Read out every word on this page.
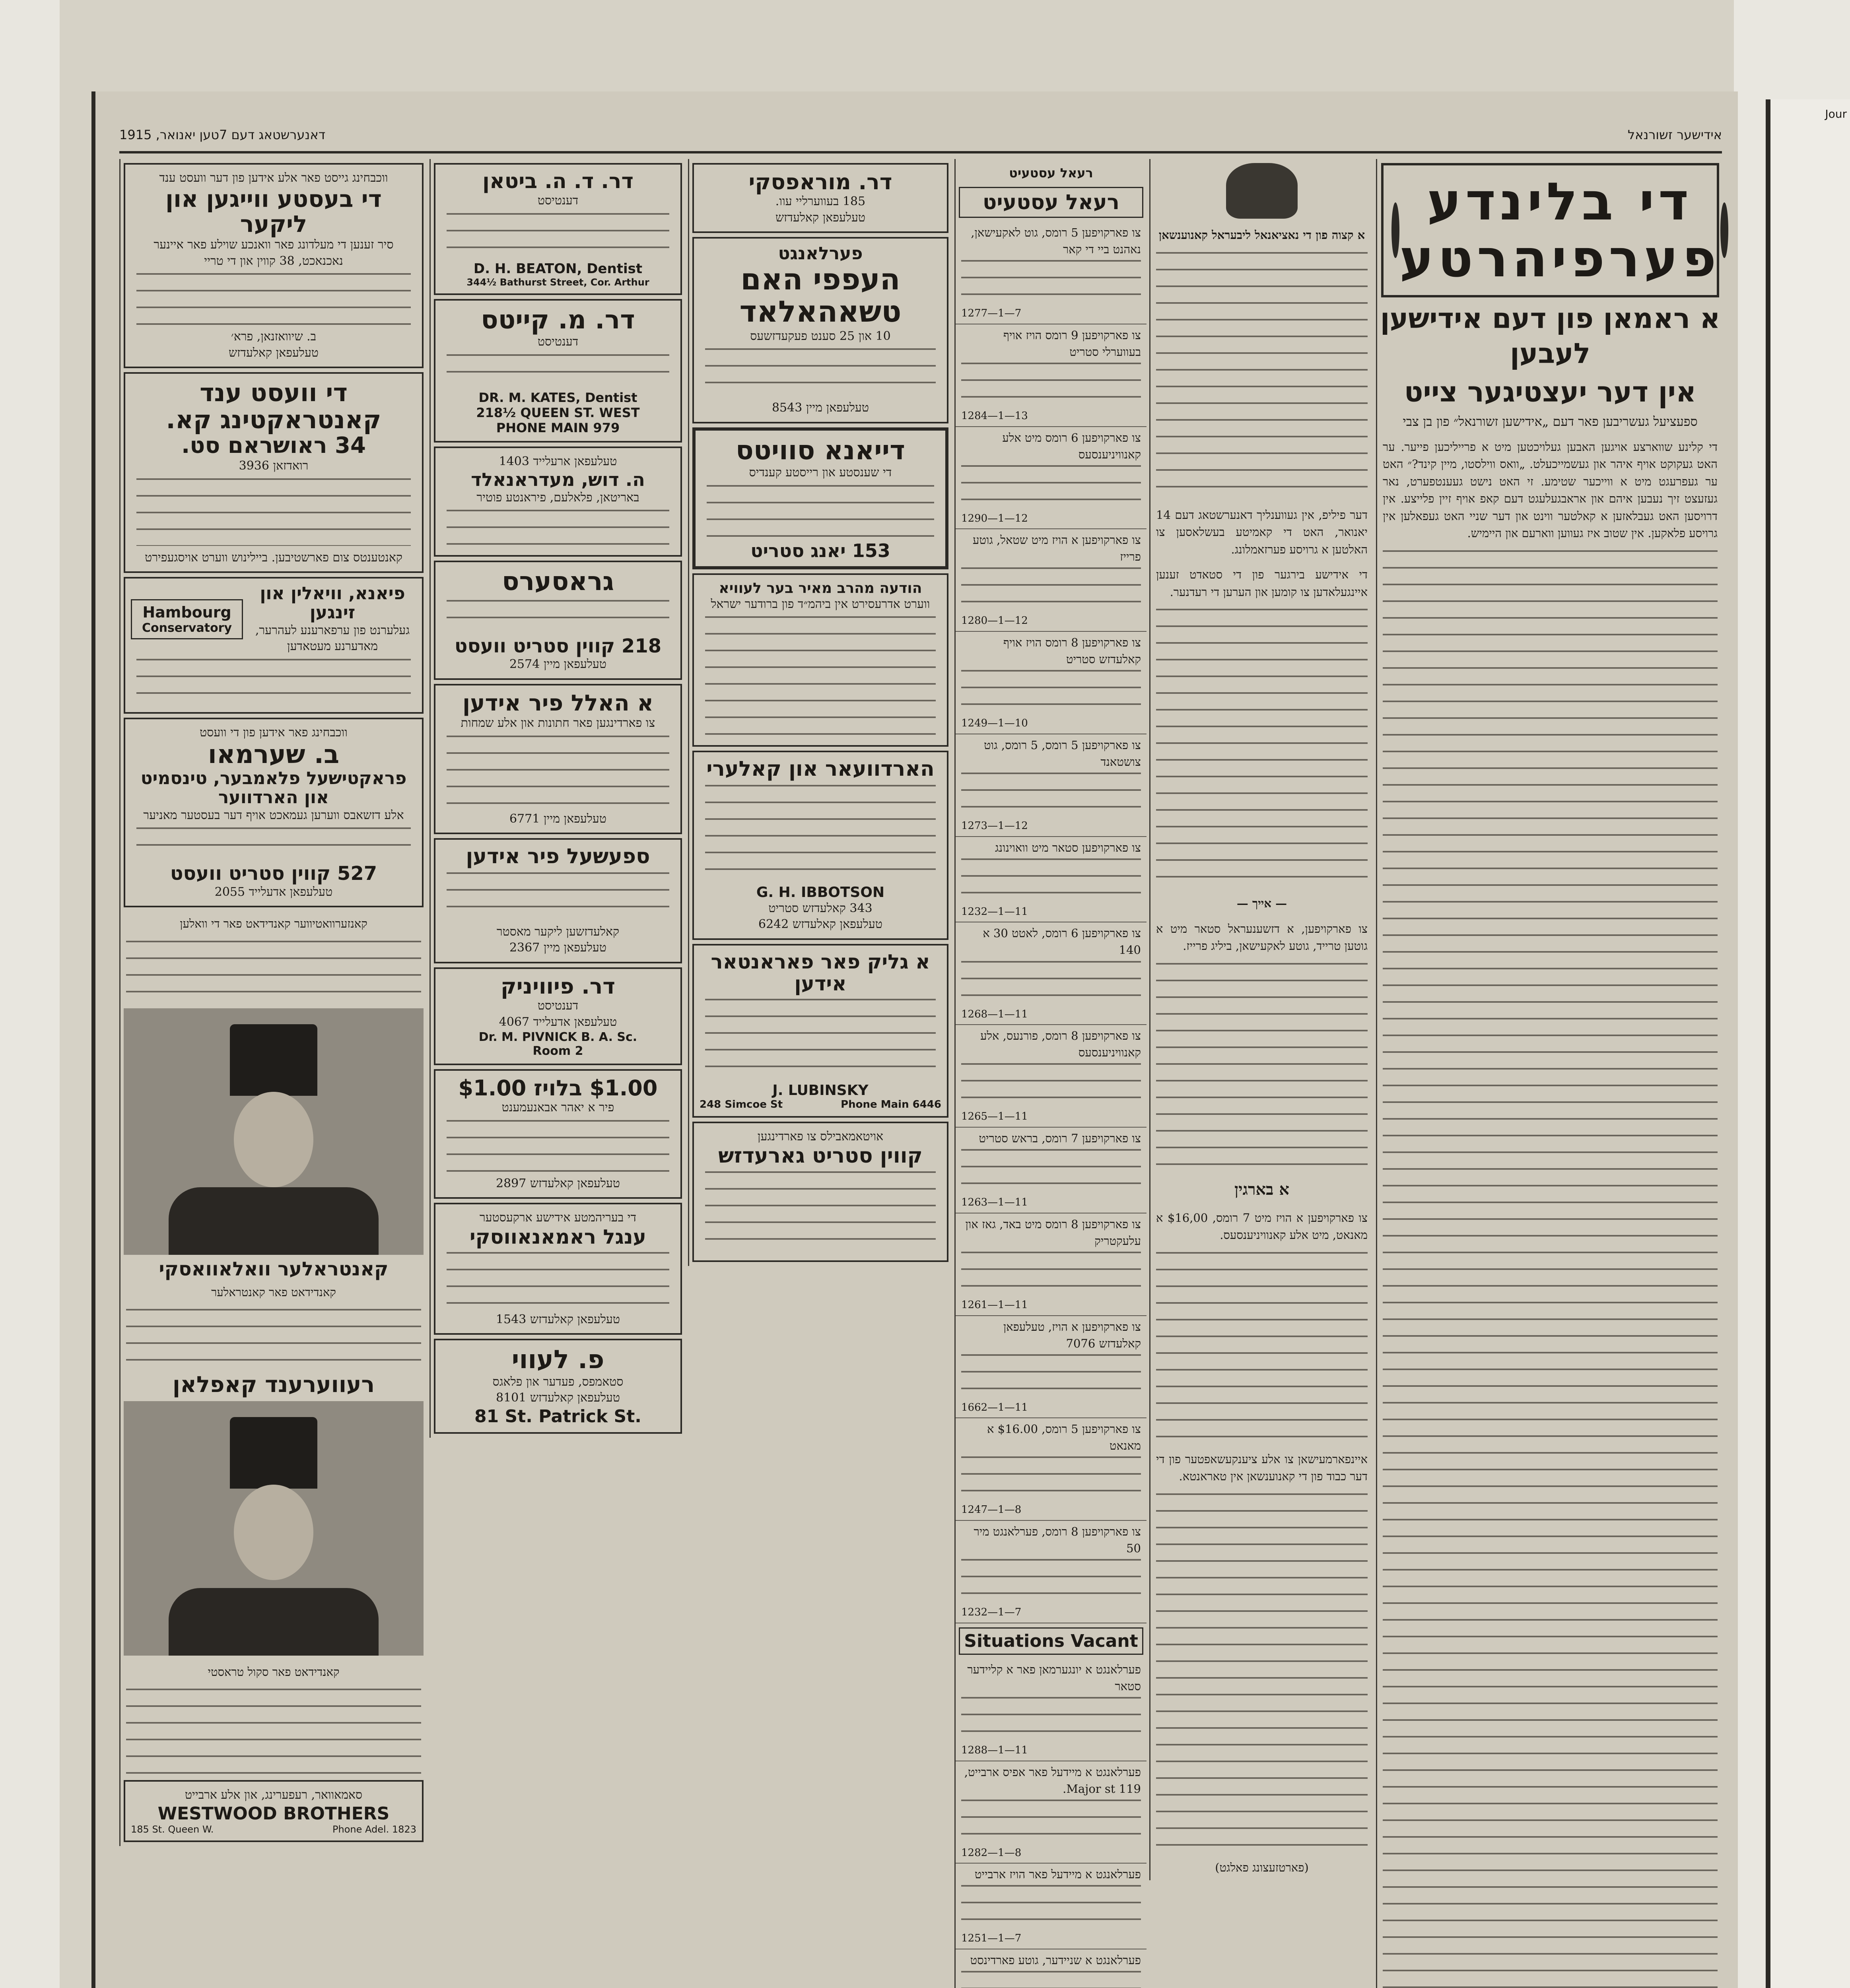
Jour
דאנערשטאג דעם 7טען יאנואר, 1915	אידישער זשורנאל
ווכבחינג גייסט פאר אלע אידען פון דער וועסט ענד
די בעסטע ווייגען און ליקער
סיר זענען די מעלדונג פאר וואנכע שוילע פאר איינער נאכנאכט, 38 קווין און די טריי
ב. שיוואזנאן, פרא׳
טעלעפאן קאלעדזש
די וועסט ענד קאנטראקטינג קא.
34 ראושראם סט.
רואדזאן 3936
קאנטענטס צום פארשטיבען. ביילינוש ווערט אויסגעפירט
Hambourg
Conservatory
פיאנא, וויאלין און זינגען
געלערנט פון ערפארענע לעהרער, מאדערנע מעטאדען
ווכבחינג פאר אידען פון די וועסט
ב. שערמאו
פראקטישעל פלאמבער, טינסמיט און הארדווער
אלע דזשאבס ווערען געמאכט אויף דער בעסטער מאניער
527 קווין סטריט וועסט
טעלעפאן אדעלייד 2055
קאנזערוואטיווער קאנדידאט פאר די וואלען
קאנטראלער וואלאוואסקי
קאנדידאט פאר קאנטראלער
רעווערענד קאפלאן
קאנדידאט פאר סקול טראסטי
סאמאוואר, רעפערינג, און אלע ארבייט
WESTWOOD BROTHERS
185 St. Queen W.	Phone Adel. 1823
דר. ד. ה. ביטאן
דענטיסט
D. H. BEATON, Dentist
344½ Bathurst Street, Cor. Arthur
דר. מ. קייטס
דענטיסט
DR. M. KATES, Dentist
218½ QUEEN ST. WEST
PHONE MAIN 979
טעלעפאן ארעלייד 1403
ה. דוש, מעדראנאלד
באריטאן, פלאלעם, פיראנטע פוטיר
גראסערס
218 קווין סטריט וועסט
טעלעפאן מיין 2574
א האלל פיר אידען
צו פארדינגען פאר חתונות און אלע שמחות
טעלעפאן מיין 6771
ספעשעל פיר אידען
קאלעדזשען ליקער מאסטר
טעלעפאן מיין 2367
דר. פיוויניק
דענטיסט
טעלעפאן אדעלייד 4067
Dr. M. PIVNICK B. A. Sc.
Room 2
$1.00 בלויז $1.00
פיר א יאהר אבאנעמענט
טעלעפאן קאלעדזש 2897
די בעריהמטע אידישע ארקעסטער
ענגל ראמאנאווסקי
טעלעפאן קאלעדזש 1543
פ. לעווי
סטאמפס, פעדער און פלאגס
טעלעפאן קאלעדזש 8101
81 St. Patrick St.
דר. מוראפסקי
185 בעווערליי עוו.
טעלעפאן קאלעדזש
פערלאנגט
העפפי האם טשאהאלאד
10 און 25 סענט פעקעדזשעס
טעלעפאן מיין 8543
דייאנא סוויטס
די שענסטע און רייסטע קענדיס
153 יאנג סטריט
הודעה מהרב מאיר בער לעוויא
ווערט אדרעסירט אין ביהמ״ד פון ברודער ישראל
הארדוועאר און קאלערי
G. H. IBBOTSON
343 קאלעדזש סטריט
טעלעפאן קאלעדזש 6242
א גליק פאר פאראנטאר אידען
J. LUBINSKY
248 Simcoe St	Phone Main 6446
אויטאמאבילס צו פארדינגען
קווין סטריט גארעדזש
רעאל עסטעיט
רעאל עסטעיט
צו פארקויפען 5 רומס, גוט לאקעישאן, נאהנט ביי די קאר
1277—1—7
צו פארקויפען 9 רומס הויז אויף בעווערלי סטריט
1284—1—13
צו פארקויפען 6 רומס מיט אלע קאנוויניענסעס
1290—1—12
צו פארקויפען א הויז מיט שטאל, גוטע פרייז
1280—1—12
צו פארקויפען 8 רומס הויז אויף קאלעדזש סטריט
1249—1—10
צו פארקויפען 5 רומס, 5 רומס, גוט צושטאנד
1273—1—12
צו פארקויפען סטאר מיט וואוינונג
1232—1—11
צו פארקויפען 6 רומס, לאטט 30 א 140
1268—1—11
צו פארקויפען 8 רומס, פורנעס, אלע קאנוויניענסעס
1265—1—11
צו פארקויפען 7 רומס, בראש סטריט
1263—1—11
צו פארקויפען 8 רומס מיט באד, גאז און עלעקטריק
1261—1—11
צו פארקויפען א הויז, טעלעפאן קאלעדזש 7076
1662—1—11
צו פארקויפען 5 רומס, $16.00 א מאנאט
1247—1—8
צו פארקויפען 8 רומס, פערלאנגט מיר 50
1232—1—7
Situations Vacant
פערלאנגט א יונגערמאן פאר א קליידער סטאר
1288—1—11
פערלאנגט א מיידעל פאר אפיס ארבייט, 119 Major st.
1282—1—8
פערלאנגט א מיידעל פאר הויז ארבייט
1251—1—7
פערלאנגט א שניידער, גוטע פארדינסט
א קצוה פון די נאציאנאל ליבעראל קאנוענשאן
דער פיליפ, אין געווענליך דאנערשטאג דעם 14 יאנואר, האט די קאמיטע בעשלאסען צו האלטען א גרויסע פערזאמלונג.
די אידישע בירגער פון די סטאדט זענען איינגעלאדען צו קומען און הערען די רעדנער.
— אייך —
צו פארקויפען, א דזשענעראל סטאר מיט א גוטען טרייד, גוטע לאקעישאן, ביליג פרייז.
א בארגין
צו פארקויפען א הויז מיט 7 רומס, $16,00 א מאנאט, מיט אלע קאנוויניענסעס.
איינפארמעישאן צו אלע ציענקעשאפטער פון די דער כבוד פון די קאנוענשאן אין טאראנטא.
(פארטזעצונג פאלגט)
די בלינדע
פערפיהרטע
א ראמאן פון דעם אידישען לעבען
אין דער יעצטיגער צייט
ספעציעל געשריבען פאר דעם „אידישען זשורנאל״ פון בן צבי
די קלינע שווארצע אויגען האבען געלויכטען מיט א פרייליכען פייער. ער האט געקוקט אויף איהר און געשמייכעלט. „וואס ווילסטו, מיין קינד?״ האט ער געפרעגט מיט א ווייכער שטימע. זי האט נישט געענטפערט, נאר געזעצט זיך נעבען איהם און אראבגעלעגט דעם קאפ אויף זיין פלייצע. אין דרויסען האט געבלאזען א קאלטער ווינט און דער שניי האט געפאלען אין גרויסע פלאקען. אין שטוב איז געווען ווארעם און היימיש.
